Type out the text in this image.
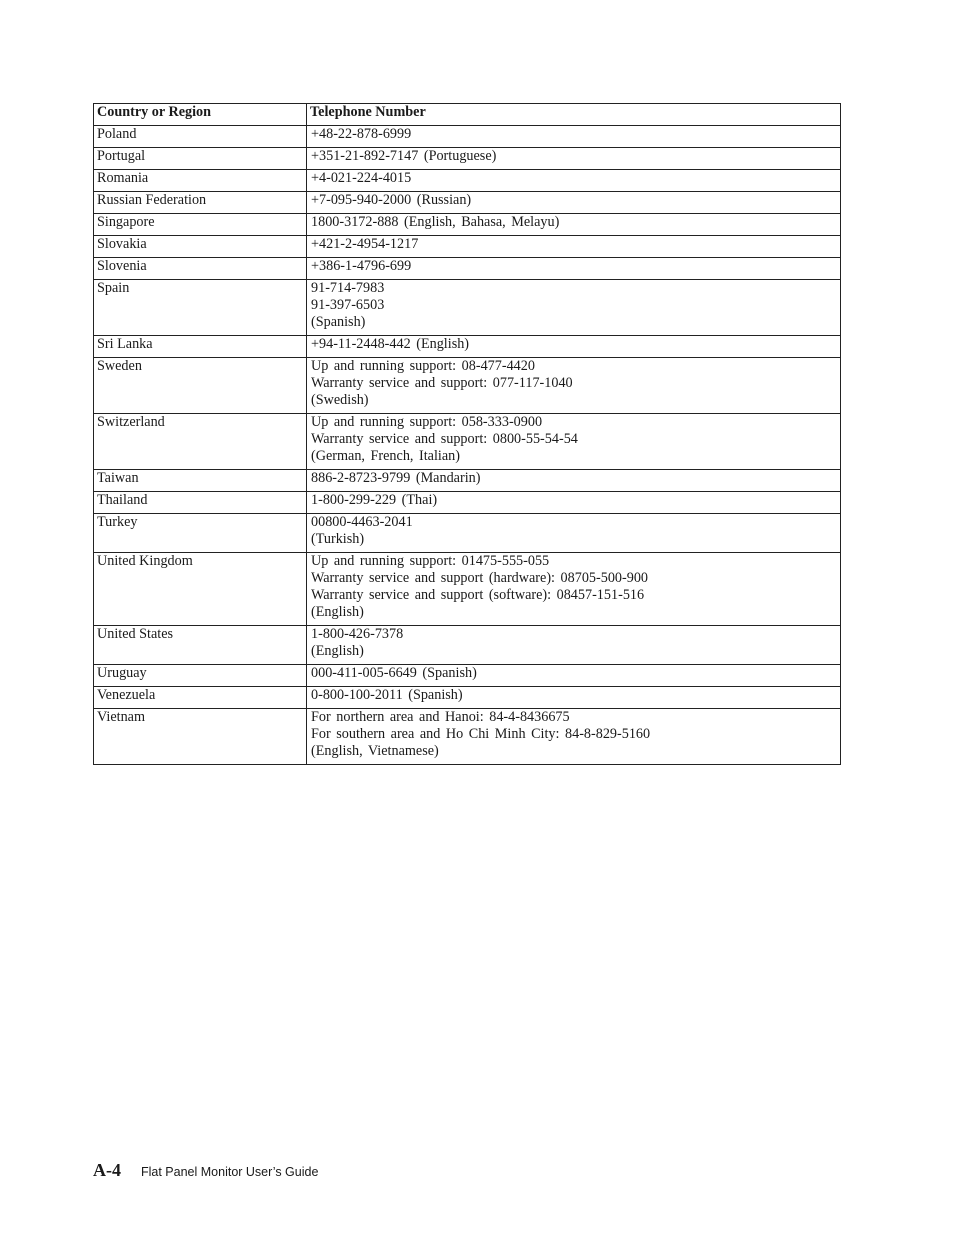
Country or Region	Telephone Number
Poland	+48-22-878-6999

Portugal	+351-21-892-7147 (Portuguese)

Romania	+4-021-224-4015

Russian Federation	+7-095-940-2000 (Russian)

Singapore	1800-3172-888 (English, Bahasa, Melayu)

Slovakia	+421-2-4954-1217

Slovenia	+386-1-4796-699

Spain	91-714-7983
91-397-6503
(Spanish)

Sri Lanka	+94-11-2448-442 (English)

Sweden	Up and running support: 08-477-4420
Warranty service and support: 077-117-1040
(Swedish)

Switzerland	Up and running support: 058-333-0900
Warranty service and support: 0800-55-54-54
(German, French, Italian)

Taiwan	886-2-8723-9799 (Mandarin)

Thailand	1-800-299-229 (Thai)

Turkey	00800-4463-2041
(Turkish)

United Kingdom	Up and running support: 01475-555-055
Warranty service and support (hardware): 08705-500-900
Warranty service and support (software): 08457-151-516
(English)

United States	1-800-426-7378
(English)

Uruguay	000-411-005-6649 (Spanish)

Venezuela	0-800-100-2011 (Spanish)

Vietnam	For northern area and Hanoi: 84-4-8436675
For southern area and Ho Chi Minh City: 84-8-829-5160
(English, Vietnamese)
A-4 Flat Panel Monitor User’s Guide
